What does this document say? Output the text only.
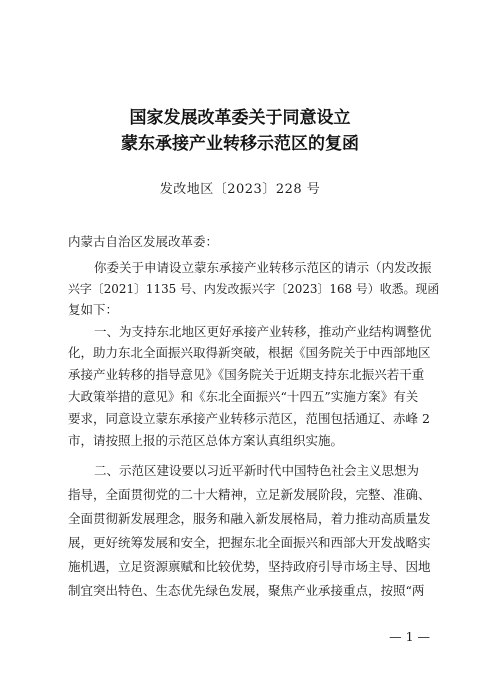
国家发展改革委关于同意设立
蒙东承接产业转移示范区的复函
发改地区〔2023〕228 号
内蒙古自治区发展改革委：
你委关于申请设立蒙东承接产业转移示范区的请示（内发改振
兴字〔2021〕1135 号、内发改振兴字〔2023〕168 号）收悉。现函
复如下：
一、为支持东北地区更好承接产业转移，推动产业结构调整优
化，助力东北全面振兴取得新突破，根据《国务院关于中西部地区
承接产业转移的指导意见》《国务院关于近期支持东北振兴若干重
大政策举措的意见》和《东北全面振兴“十四五”实施方案》有关
要求，同意设立蒙东承接产业转移示范区，范围包括通辽、赤峰 2
市，请按照上报的示范区总体方案认真组织实施。
二、示范区建设要以习近平新时代中国特色社会主义思想为
指导，全面贯彻党的二十大精神，立足新发展阶段，完整、准确、
全面贯彻新发展理念，服务和融入新发展格局，着力推动高质量发
展，更好统筹发展和安全，把握东北全面振兴和西部大开发战略实
施机遇，立足资源禀赋和比较优势，坚持政府引导市场主导、因地
制宜突出特色、生态优先绿色发展，聚焦产业承接重点，按照“两
— 1 —
